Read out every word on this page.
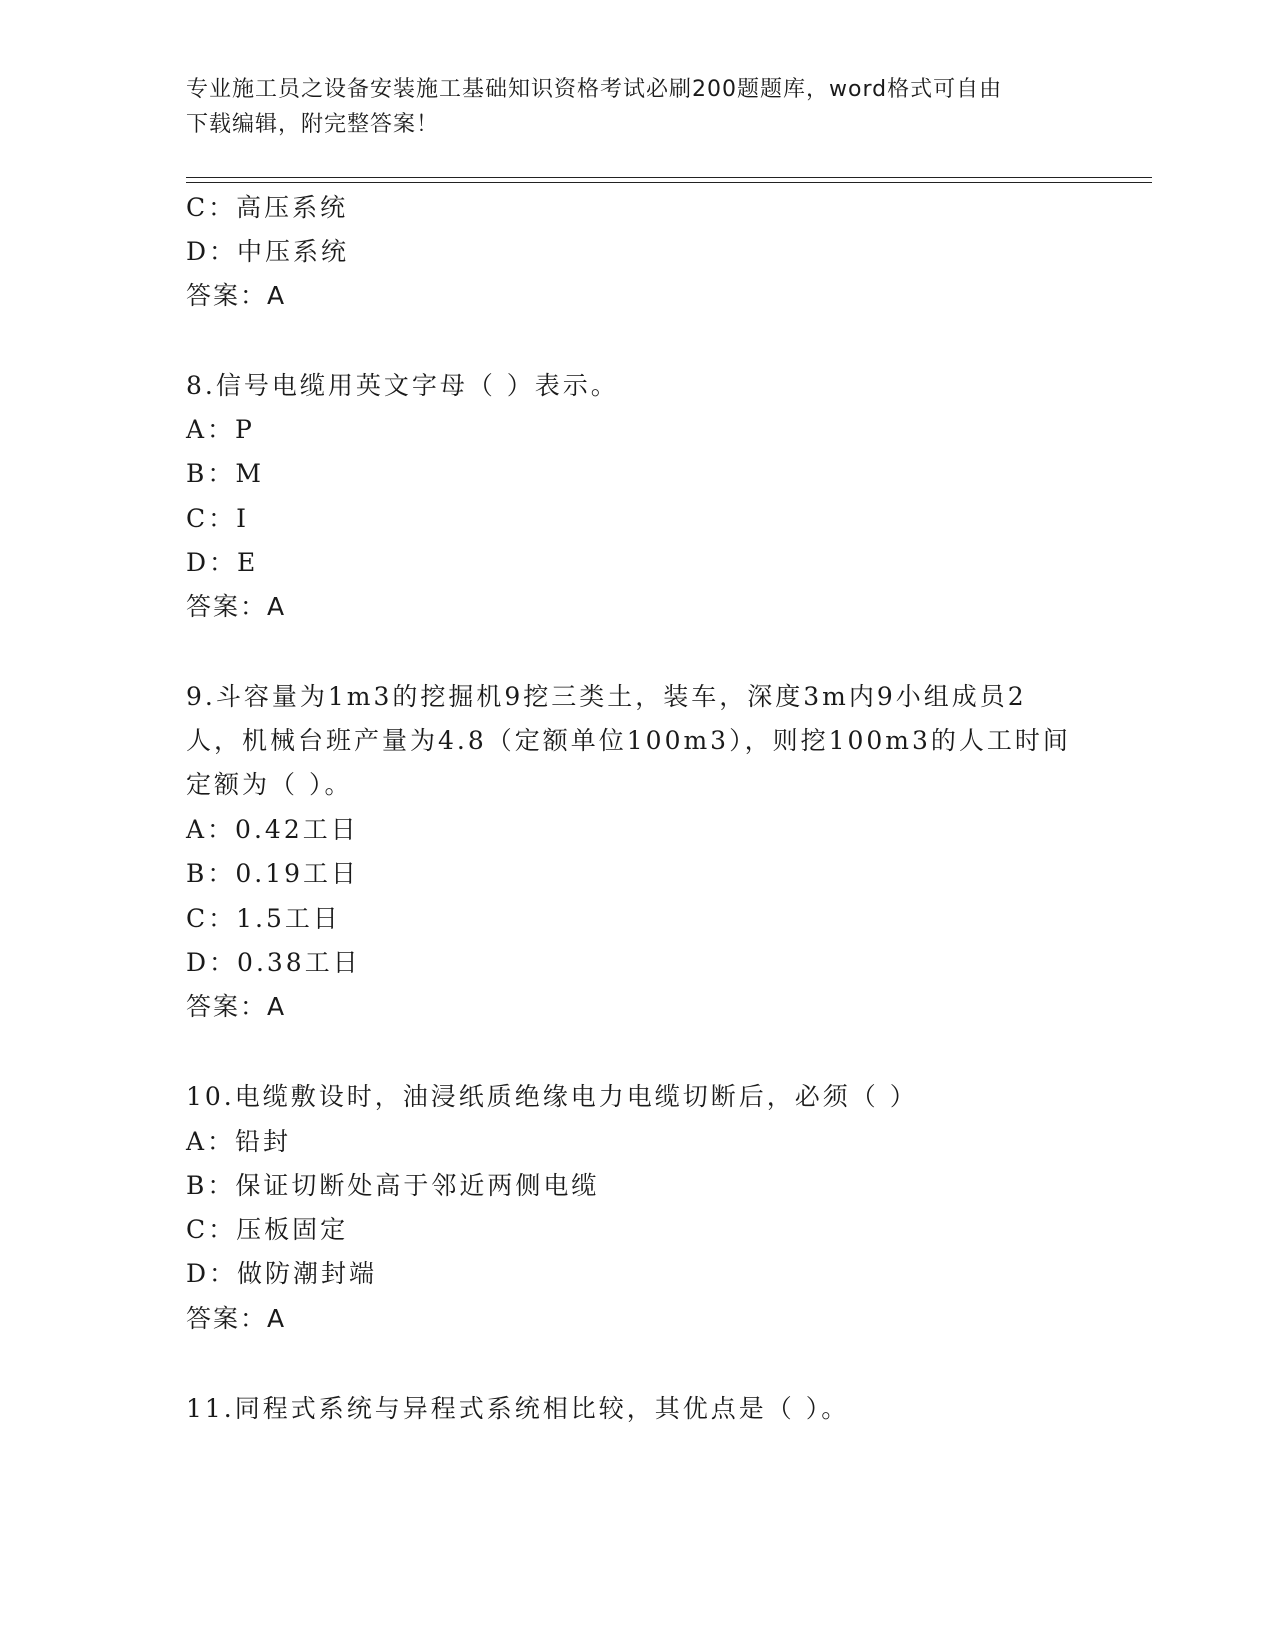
专业施工员之设备安装施工基础知识资格考试必刷200题题库，word格式可自由
下载编辑，附完整答案！
C：高压系统
D：中压系统
答案：A
8.信号电缆用英文字母（ ）表示。
A：P
B：M
C：I
D：E
答案：A
9.斗容量为1m3的挖掘机9挖三类土，装车，深度3m内9小组成员2
人，机械台班产量为4.8（定额单位100m3），则挖100m3的人工时间
定额为（ ）。
A：0.42工日
B：0.19工日
C：1.5工日
D：0.38工日
答案：A
10.电缆敷设时，油浸纸质绝缘电力电缆切断后，必须（ ）
A：铅封
B：保证切断处高于邻近两侧电缆
C：压板固定
D：做防潮封端
答案：A
11.同程式系统与异程式系统相比较，其优点是（ ）。
